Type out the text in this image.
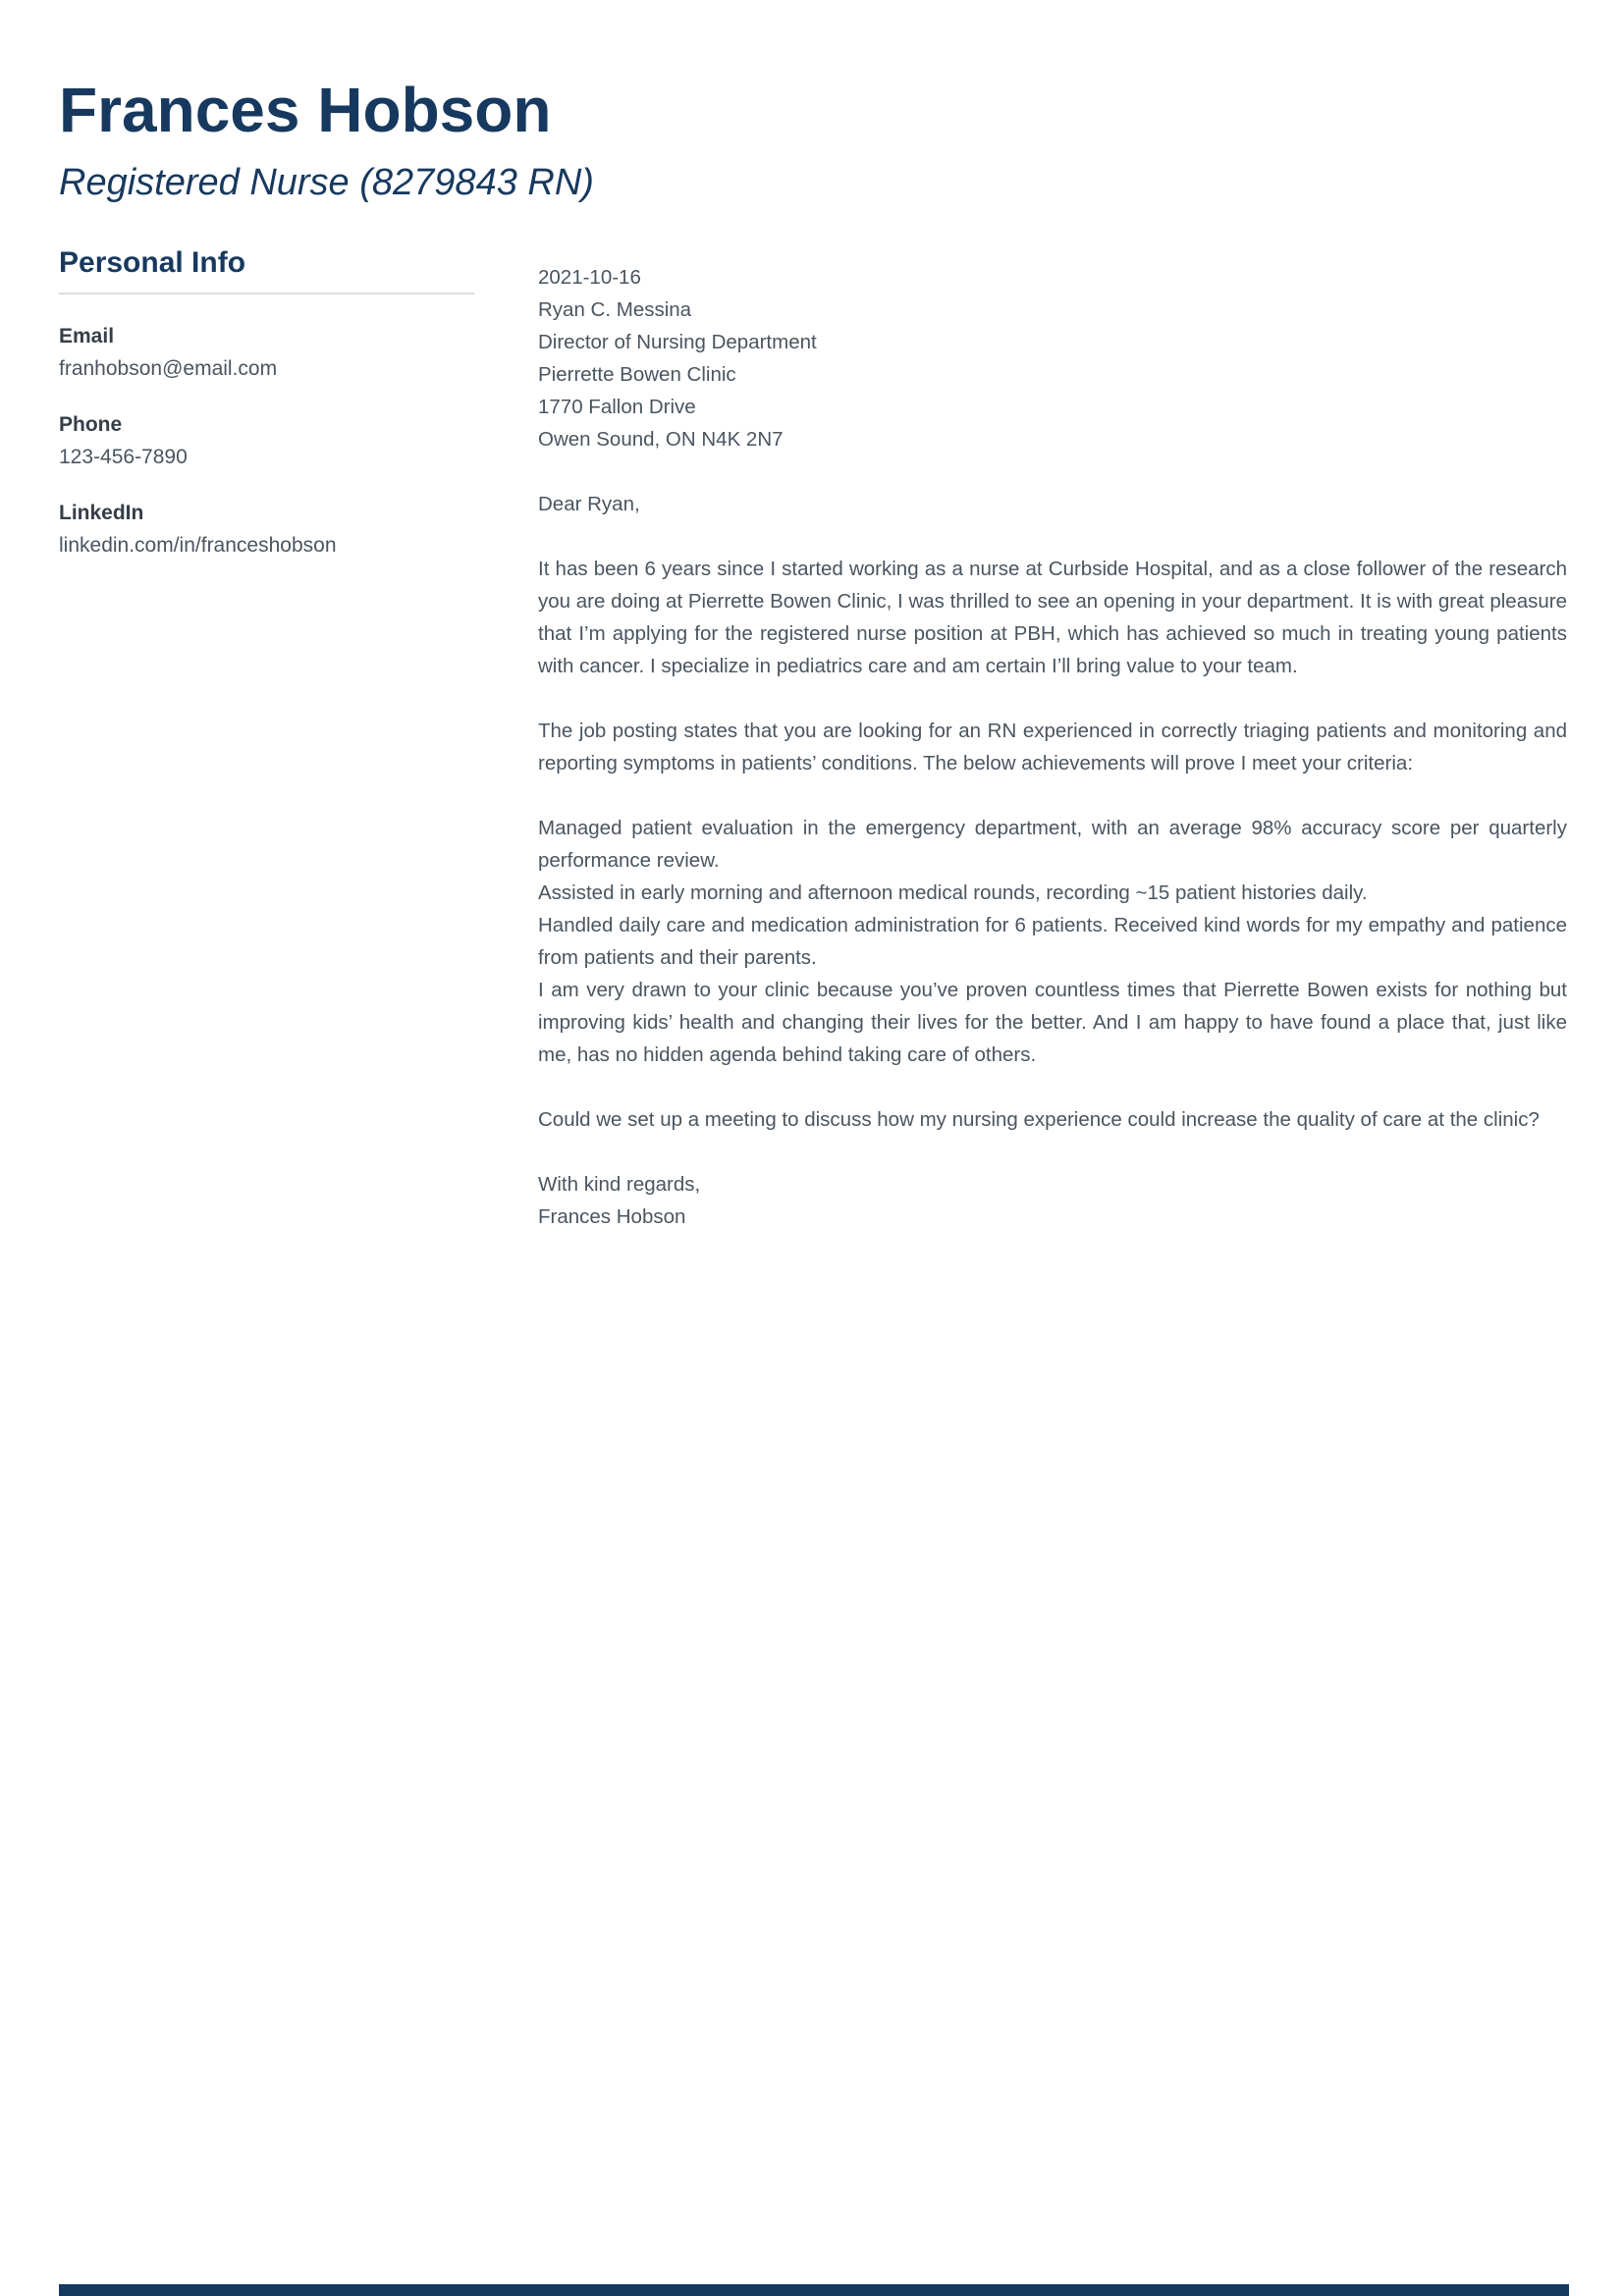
Frances Hobson
Registered Nurse (8279843 RN)
Personal Info
Email
franhobson@email.com
Phone
123-456-7890
LinkedIn
linkedin.com/in/franceshobson
2021-10-16
Ryan C. Messina
Director of Nursing Department
Pierrette Bowen Clinic
1770 Fallon Drive
Owen Sound, ON N4K 2N7
Dear Ryan,

It has been 6 years since I started working as a nurse at Curbside Hospital, and as a close follower of the research you are doing at Pierrette Bowen Clinic, I was thrilled to see an opening in your department. It is with great pleasure that I’m applying for the registered nurse position at PBH, which has achieved so much in treating young patients with cancer. I specialize in pediatrics care and am certain I’ll bring value to your team.

The job posting states that you are looking for an RN experienced in correctly triaging patients and monitoring and reporting symptoms in patients’ conditions. The below achievements will prove I meet your criteria:

Managed patient evaluation in the emergency department, with an average 98% accuracy score per quarterly performance review.

Assisted in early morning and afternoon medical rounds, recording ~15 patient histories daily.

Handled daily care and medication administration for 6 patients. Received kind words for my empathy and patience from patients and their parents.

I am very drawn to your clinic because you’ve proven countless times that Pierrette Bowen exists for nothing but improving kids’ health and changing their lives for the better. And I am happy to have found a place that, just like me, has no hidden agenda behind taking care of others.

Could we set up a meeting to discuss how my nursing experience could increase the quality of care at the clinic?

With kind regards,
Frances Hobson
